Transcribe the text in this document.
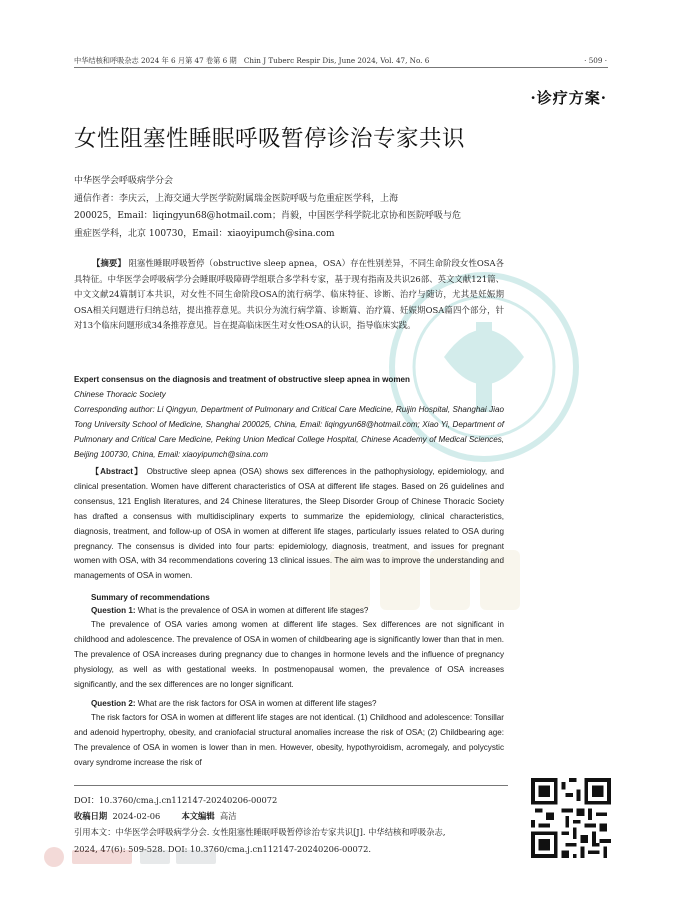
中华结核和呼吸杂志 2024 年 6 月第 47 卷第 6 期　Chin J Tuberc Respir Dis, June 2024, Vol. 47, No. 6	· 509 ·
·诊疗方案·
女性阻塞性睡眠呼吸暂停诊治专家共识
中华医学会呼吸病学分会
通信作者：李庆云，上海交通大学医学院附属瑞金医院呼吸与危重症医学科，上海
200025，Email：liqingyun68@hotmail.com；肖毅，中国医学科学院北京协和医院呼吸与危
重症医学科，北京 100730，Email：xiaoyipumch@sina.com
【摘要】 阻塞性睡眠呼吸暂停（obstructive sleep apnea，OSA）存在性别差异，不同生命阶段女性OSA各具特征。中华医学会呼吸病学分会睡眠呼吸障碍学组联合多学科专家，基于现有指南及共识26部、英文文献121篇、中文文献24篇制订本共识，对女性不同生命阶段OSA的流行病学、临床特征、诊断、治疗与随访，尤其是妊娠期OSA相关问题进行归纳总结，提出推荐意见。共识分为流行病学篇、诊断篇、治疗篇、妊娠期OSA篇四个部分，针对13个临床问题形成34条推荐意见。旨在提高临床医生对女性OSA的认识，指导临床实践。
Expert consensus on the diagnosis and treatment of obstructive sleep apnea in women
Chinese Thoracic Society
Corresponding author: Li Qingyun, Department of Pulmonary and Critical Care Medicine, Ruijin Hospital, Shanghai Jiao Tong University School of Medicine, Shanghai 200025, China, Email: liqingyun68@hotmail.com; Xiao Yi, Department of Pulmonary and Critical Care Medicine, Peking Union Medical College Hospital, Chinese Academy of Medical Sciences, Beijing 100730, China, Email: xiaoyipumch@sina.com
【Abstract】 Obstructive sleep apnea (OSA) shows sex differences in the pathophysiology, epidemiology, and clinical presentation. Women have different characteristics of OSA at different life stages. Based on 26 guidelines and consensus, 121 English literatures, and 24 Chinese literatures, the Sleep Disorder Group of Chinese Thoracic Society has drafted a consensus with multidisciplinary experts to summarize the epidemiology, clinical characteristics, diagnosis, treatment, and follow-up of OSA in women at different life stages, particularly issues related to OSA during pregnancy. The consensus is divided into four parts: epidemiology, diagnosis, treatment, and issues for pregnant women with OSA, with 34 recommendations covering 13 clinical issues. The aim was to improve the understanding and managements of OSA in women.
Summary of recommendations
Question 1: What is the prevalence of OSA in women at different life stages?
The prevalence of OSA varies among women at different life stages. Sex differences are not significant in childhood and adolescence. The prevalence of OSA in women of childbearing age is significantly lower than that in men. The prevalence of OSA increases during pregnancy due to changes in hormone levels and the influence of pregnancy physiology, as well as with gestational weeks. In postmenopausal women, the prevalence of OSA increases significantly, and the sex differences are no longer significant.
Question 2: What are the risk factors for OSA in women at different life stages?
The risk factors for OSA in women at different life stages are not identical. (1) Childhood and adolescence: Tonsillar and adenoid hypertrophy, obesity, and craniofacial structural anomalies increase the risk of OSA; (2) Childbearing age: The prevalence of OSA in women is lower than in men. However, obesity, hypothyroidism, acromegaly, and polycystic ovary syndrome increase the risk of
DOI：10.3760/cma.j.cn112147-20240206-00072
收稿日期 2024-02-06	本文编辑 高洁
引用本文：中华医学会呼吸病学分会. 女性阻塞性睡眠呼吸暂停诊治专家共识[J]. 中华结核和呼吸杂志,
2024, 47(6): 509-528. DOI: 10.3760/cma.j.cn112147-20240206-00072.
